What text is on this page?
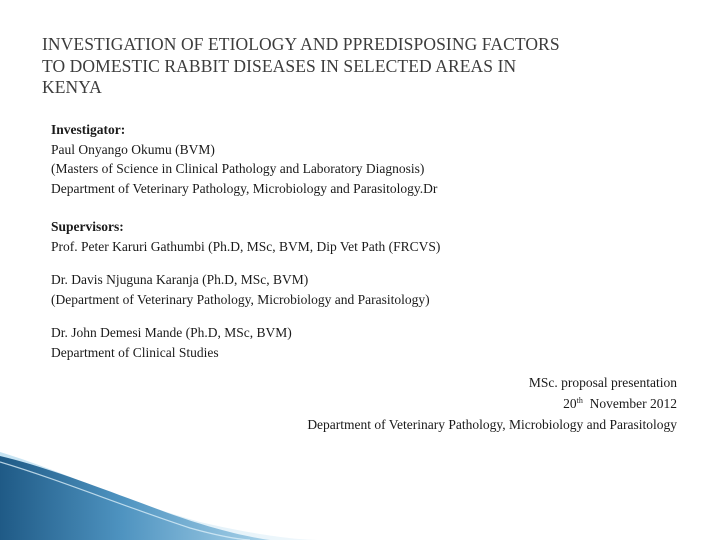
INVESTIGATION OF ETIOLOGY AND PPREDISPOSING FACTORS
TO DOMESTIC RABBIT DISEASES IN SELECTED AREAS IN
KENYA
Investigator:
Paul Onyango Okumu (BVM)
(Masters of Science in Clinical Pathology and Laboratory Diagnosis)
Department of Veterinary Pathology, Microbiology and Parasitology.Dr
Supervisors:
Prof. Peter Karuri Gathumbi (Ph.D, MSc, BVM, Dip Vet Path (FRCVS)
Dr. Davis Njuguna Karanja (Ph.D, MSc, BVM)
(Department of Veterinary Pathology, Microbiology and Parasitology)
Dr. John Demesi Mande (Ph.D, MSc, BVM)
Department of Clinical Studies
MSc. proposal presentation
20th  November 2012
Department of Veterinary Pathology, Microbiology and Parasitology
